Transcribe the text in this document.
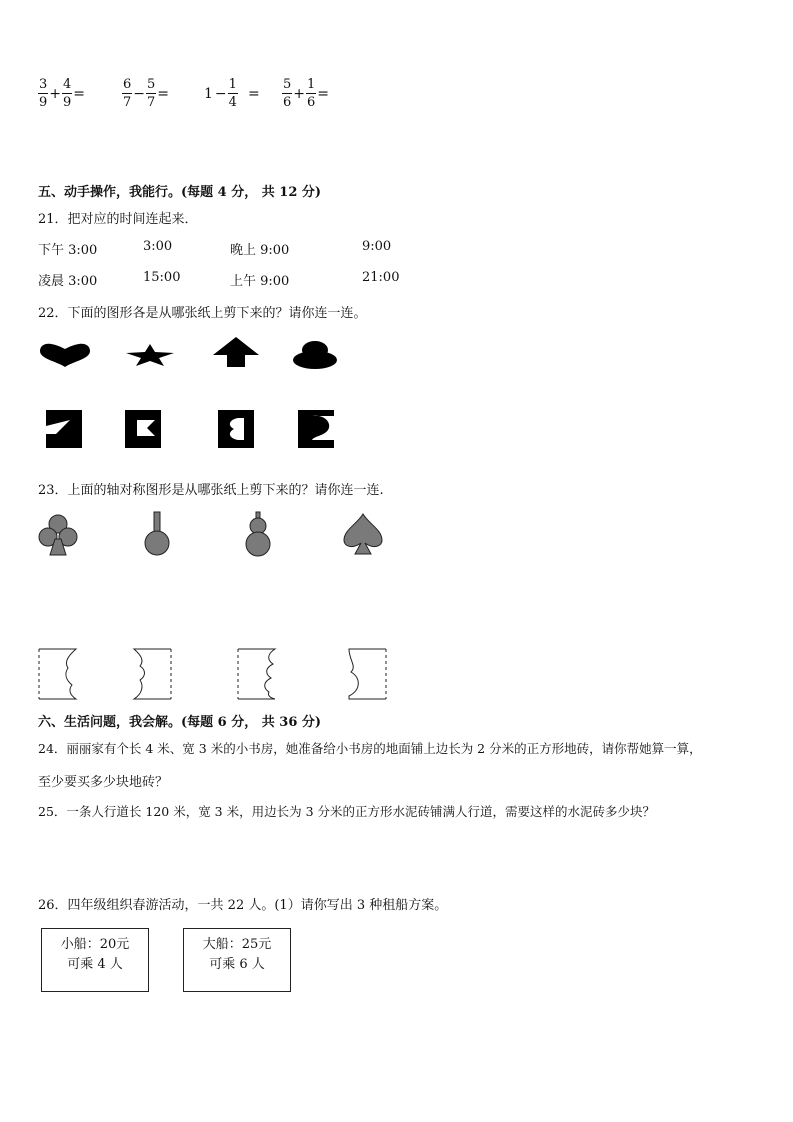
$\frac{3}{9} + \frac{4}{9}$ =	$\frac{6}{7} - \frac{5}{7} = 1 - \frac{1}{4} = \frac{5}{6} + \frac{1}{6}$ =
五、动手操作，我能行。(每题 4 分， 共 12 分)
21．把对应的时间连起来．
下午 3:00	3:00	晚上 9:00	9:00
凌晨 3:00	15:00	上午 9:00	21:00
22．下面的图形各是从哪张纸上剪下来的？请你连一连。
23．上面的轴对称图形是从哪张纸上剪下来的？请你连一连.
六、生活问题，我会解。(每题 6 分， 共 36 分)
24．丽丽家有个长 4 米、宽 3 米的小书房，她准备给小书房的地面铺上边长为 2 分米的正方形地砖，请你帮她算一算，
至少要买多少块地砖？
25．一条人行道长 120 米，宽 3 米，用边长为 3 分米的正方形水泥砖铺满人行道，需要这样的水泥砖多少块？
26．四年级组织春游活动，一共 22 人。(1）请你写出 3 种租船方案。
小船：20元
可乘 4 人
大船：25元
可乘 6 人
